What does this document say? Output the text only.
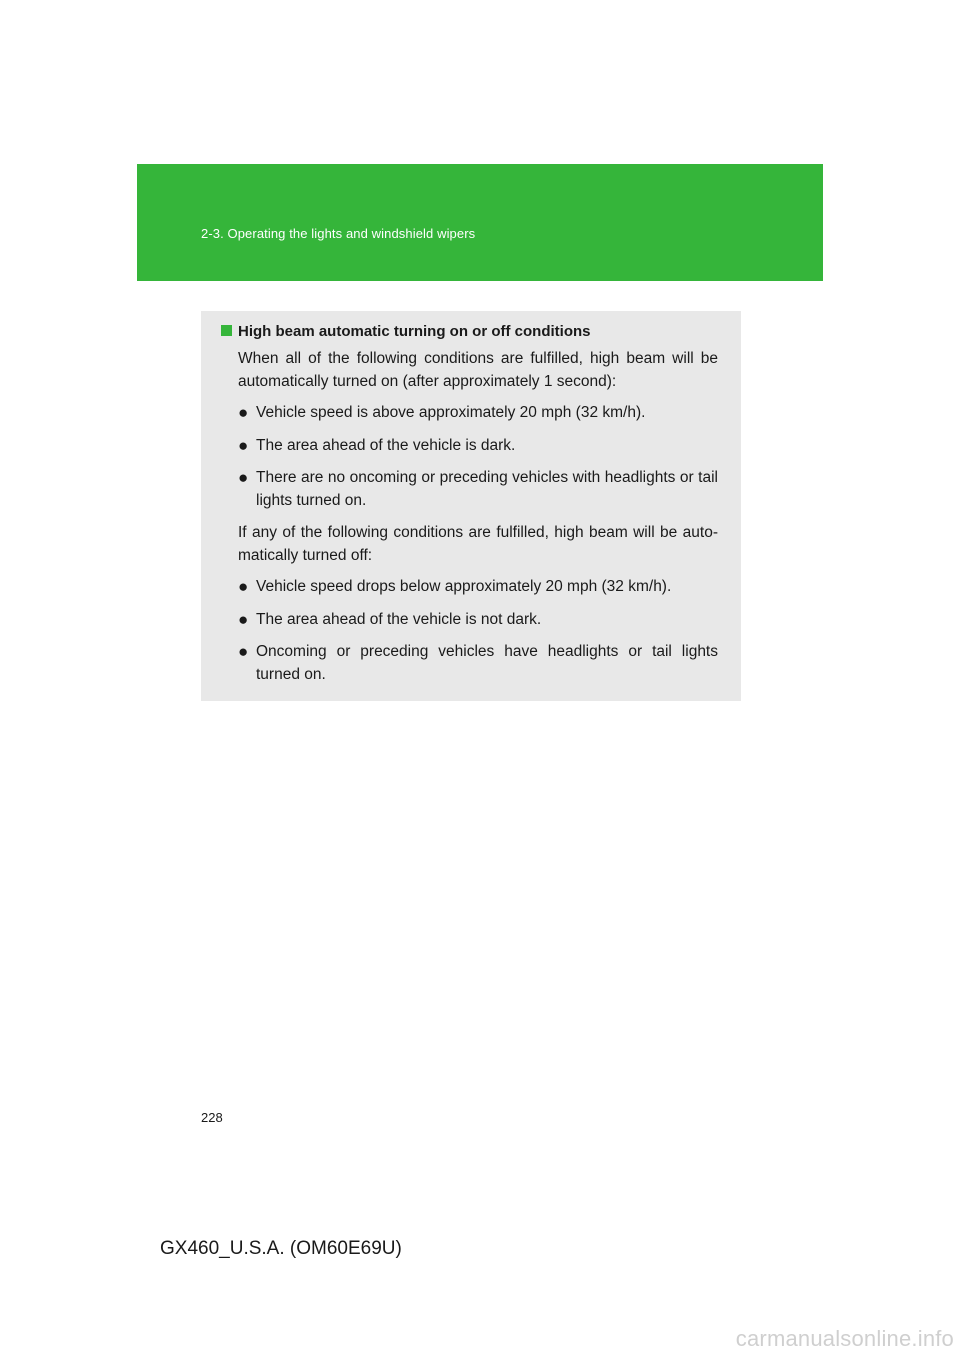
2-3. Operating the lights and windshield wipers
High beam automatic turning on or off conditions
When all of the following conditions are fulfilled, high beam will be automatically turned on (after approximately 1 second):
● Vehicle speed is above approximately 20 mph (32 km/h).
● The area ahead of the vehicle is dark.
● There are no oncoming or preceding vehicles with headlights or tail lights turned on.
If any of the following conditions are fulfilled, high beam will be auto-matically turned off:
● Vehicle speed drops below approximately 20 mph (32 km/h).
● The area ahead of the vehicle is not dark.
● Oncoming or preceding vehicles have headlights or tail lights turned on.
228
GX460_U.S.A. (OM60E69U)
carmanualsonline.info
